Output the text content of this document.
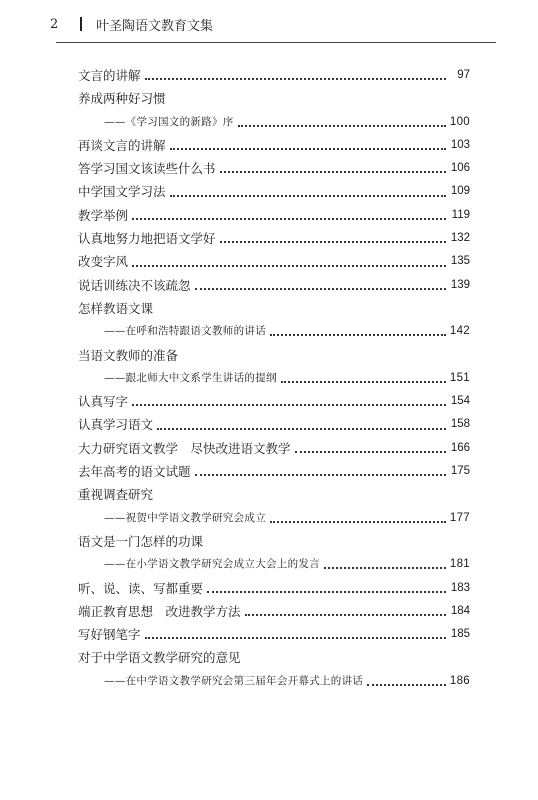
2	叶圣陶语文教育文集
文言的讲解	97
养成两种好习惯
——《学习国文的新路》序	100
再谈文言的讲解	103
答学习国文该读些什么书	106
中学国文学习法	109
教学举例	119
认真地努力地把语文学好	132
改变字风	135
说话训练决不该疏忽	139
怎样教语文课
——在呼和浩特跟语文教师的讲话	142
当语文教师的准备
——跟北师大中文系学生讲话的提纲	151
认真写字	154
认真学习语文	158
大力研究语文教学　尽快改进语文教学	166
去年高考的语文试题	175
重视调查研究
——祝贺中学语文教学研究会成立	177
语文是一门怎样的功课
——在小学语文教学研究会成立大会上的发言	181
听、说、读、写都重要	183
端正教育思想　改进教学方法	184
写好钢笔字	185
对于中学语文教学研究的意见
——在中学语文教学研究会第三届年会开幕式上的讲话	186
